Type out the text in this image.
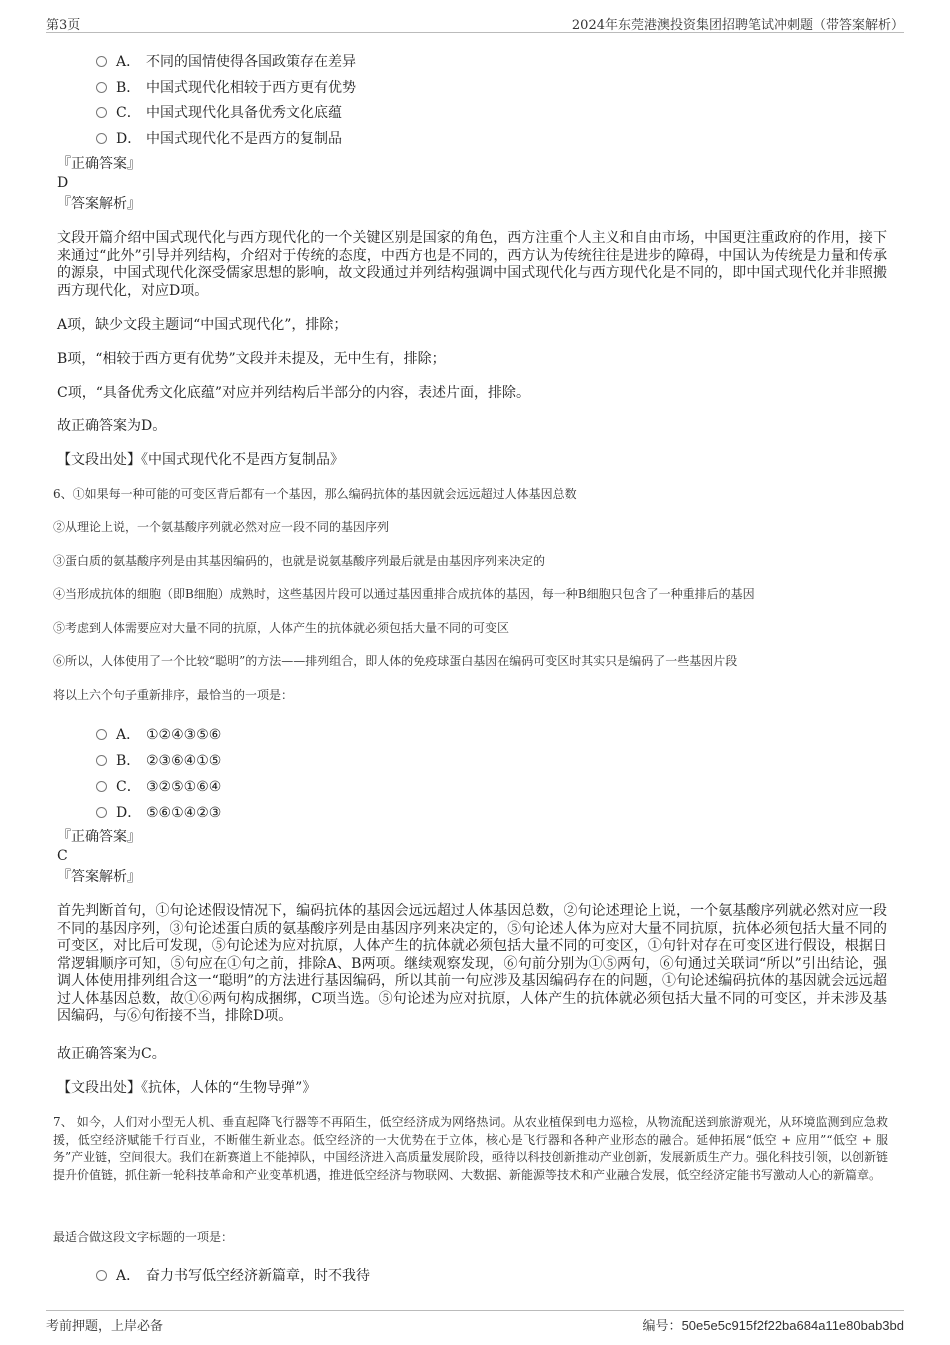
第3页	2024年东莞港澳投资集团招聘笔试冲刺题（带答案解析）
A． 不同的国情使得各国政策存在差异
B． 中国式现代化相较于西方更有优势
C． 中国式现代化具备优秀文化底蕴
D． 中国式现代化不是西方的复制品
『正确答案』
D
『答案解析』
文段开篇介绍中国式现代化与西方现代化的一个关键区别是国家的角色，西方注重个人主义和自由市场，中国更注重政府的作用，接下来通过“此外”引导并列结构，介绍对于传统的态度，中西方也是不同的，西方认为传统往往是进步的障碍，中国认为传统是力量和传承的源泉，中国式现代化深受儒家思想的影响，故文段通过并列结构强调中国式现代化与西方现代化是不同的，即中国式现代化并非照搬西方现代化，对应D项。
A项，缺少文段主题词“中国式现代化”，排除；
B项，“相较于西方更有优势”文段并未提及，无中生有，排除；
C项，“具备优秀文化底蕴”对应并列结构后半部分的内容，表述片面，排除。
故正确答案为D。
【文段出处】《中国式现代化不是西方复制品》
6、①如果每一种可能的可变区背后都有一个基因，那么编码抗体的基因就会远远超过人体基因总数
②从理论上说，一个氨基酸序列就必然对应一段不同的基因序列
③蛋白质的氨基酸序列是由其基因编码的，也就是说氨基酸序列最后就是由基因序列来决定的
④当形成抗体的细胞（即B细胞）成熟时，这些基因片段可以通过基因重排合成抗体的基因，每一种B细胞只包含了一种重排后的基因
⑤考虑到人体需要应对大量不同的抗原，人体产生的抗体就必须包括大量不同的可变区
⑥所以，人体使用了一个比较“聪明”的方法——排列组合，即人体的免疫球蛋白基因在编码可变区时其实只是编码了一些基因片段
将以上六个句子重新排序，最恰当的一项是：
A． ①②④③⑤⑥
B． ②③⑥④①⑤
C． ③②⑤①⑥④
D． ⑤⑥①④②③
『正确答案』
C
『答案解析』
首先判断首句，①句论述假设情况下，编码抗体的基因会远远超过人体基因总数，②句论述理论上说，一个氨基酸序列就必然对应一段不同的基因序列，③句论述蛋白质的氨基酸序列是由基因序列来决定的，⑤句论述人体为应对大量不同抗原，抗体必须包括大量不同的可变区，对比后可发现，⑤句论述为应对抗原，人体产生的抗体就必须包括大量不同的可变区，①句针对存在可变区进行假设，根据日常逻辑顺序可知，⑤句应在①句之前，排除A、B两项。继续观察发现，⑥句前分别为①⑤两句，⑥句通过关联词“所以”引出结论，强调人体使用排列组合这一“聪明”的方法进行基因编码，所以其前一句应涉及基因编码存在的问题，①句论述编码抗体的基因就会远远超过人体基因总数，故①⑥两句构成捆绑，C项当选。⑤句论述为应对抗原，人体产生的抗体就必须包括大量不同的可变区，并未涉及基因编码，与⑥句衔接不当，排除D项。
故正确答案为C。
【文段出处】《抗体，人体的“生物导弹”》
7、 如今，人们对小型无人机、垂直起降飞行器等不再陌生，低空经济成为网络热词。从农业植保到电力巡检，从物流配送到旅游观光，从环境监测到应急救援，低空经济赋能千行百业，不断催生新业态。低空经济的一大优势在于立体，核心是飞行器和各种产业形态的融合。延伸拓展“低空 + 应用”“低空 + 服务”产业链，空间很大。我们在新赛道上不能掉队，中国经济进入高质量发展阶段，亟待以科技创新推动产业创新，发展新质生产力。强化科技引领，以创新链提升价值链，抓住新一轮科技革命和产业变革机遇，推进低空经济与物联网、大数据、新能源等技术和产业融合发展，低空经济定能书写激动人心的新篇章。
最适合做这段文字标题的一项是：
A． 奋力书写低空经济新篇章，时不我待
考前押题，上岸必备	编号：50e5e5c915f2f22ba684a11e80bab3bd
